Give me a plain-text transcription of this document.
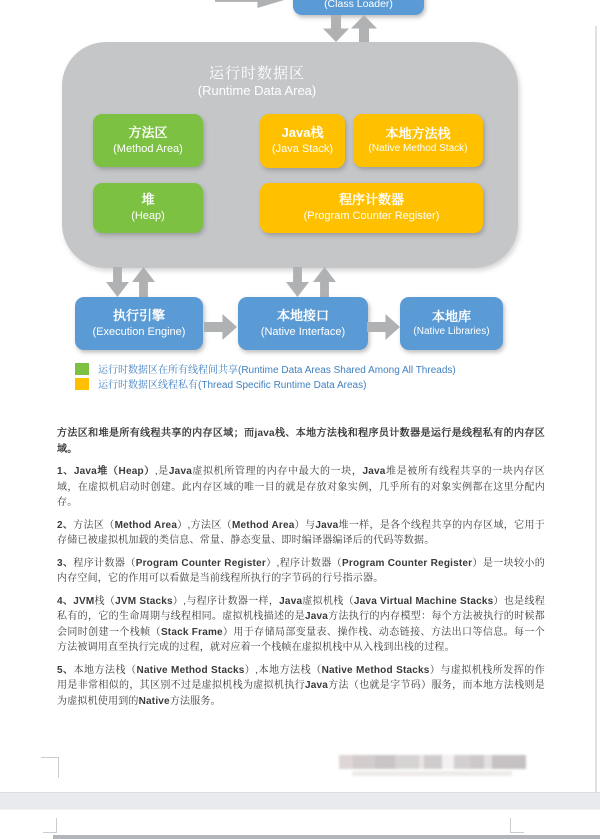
(Class Loader)
运行时数据区
(Runtime Data Area)
方法区
(Method Area)
Java栈
(Java Stack)
本地方法栈
(Native Method Stack)
堆
(Heap)
程序计数器
(Program Counter Register)
执行引擎
(Execution Engine)
本地接口
(Native Interface)
本地库
(Native Libraries)
运行时数据区在所有线程间共享(Runtime Data Areas Shared Among All Threads)
运行时数据区线程私有(Thread Specific Runtime Data Areas)

方法区和堆是所有线程共享的内存区域；而java栈、本地方法栈和程序员计数器是运行是线程私有的内存区域。

1、Java堆（Heap）,是Java虚拟机所管理的内存中最大的一块，Java堆是被所有线程共享的一块内存区域，在虚拟机启动时创建。此内存区域的唯一目的就是存放对象实例，几乎所有的对象实例都在这里分配内存。

2、方法区（Method Area）,方法区（Method Area）与Java堆一样，是各个线程共享的内存区域，它用于存储已被虚拟机加载的类信息、常量、静态变量、即时编译器编译后的代码等数据。

3、程序计数器（Program Counter Register）,程序计数器（Program Counter Register）是一块较小的内存空间，它的作用可以看做是当前线程所执行的字节码的行号指示器。

4、JVM栈（JVM Stacks）,与程序计数器一样，Java虚拟机栈（Java Virtual Machine Stacks）也是线程私有的，它的生命周期与线程相同。虚拟机栈描述的是Java方法执行的内存模型：每个方法被执行的时候都会同时创建一个栈帧（Stack Frame）用于存储局部变量表、操作栈、动态链接、方法出口等信息。每一个方法被调用直至执行完成的过程，就对应着一个栈帧在虚拟机栈中从入栈到出栈的过程。

5、本地方法栈（Native Method Stacks）,本地方法栈（Native Method Stacks）与虚拟机栈所发挥的作用是非常相似的，其区别不过是虚拟机栈为虚拟机执行Java方法（也就是字节码）服务，而本地方法栈则是为虚拟机使用到的Native方法服务。
